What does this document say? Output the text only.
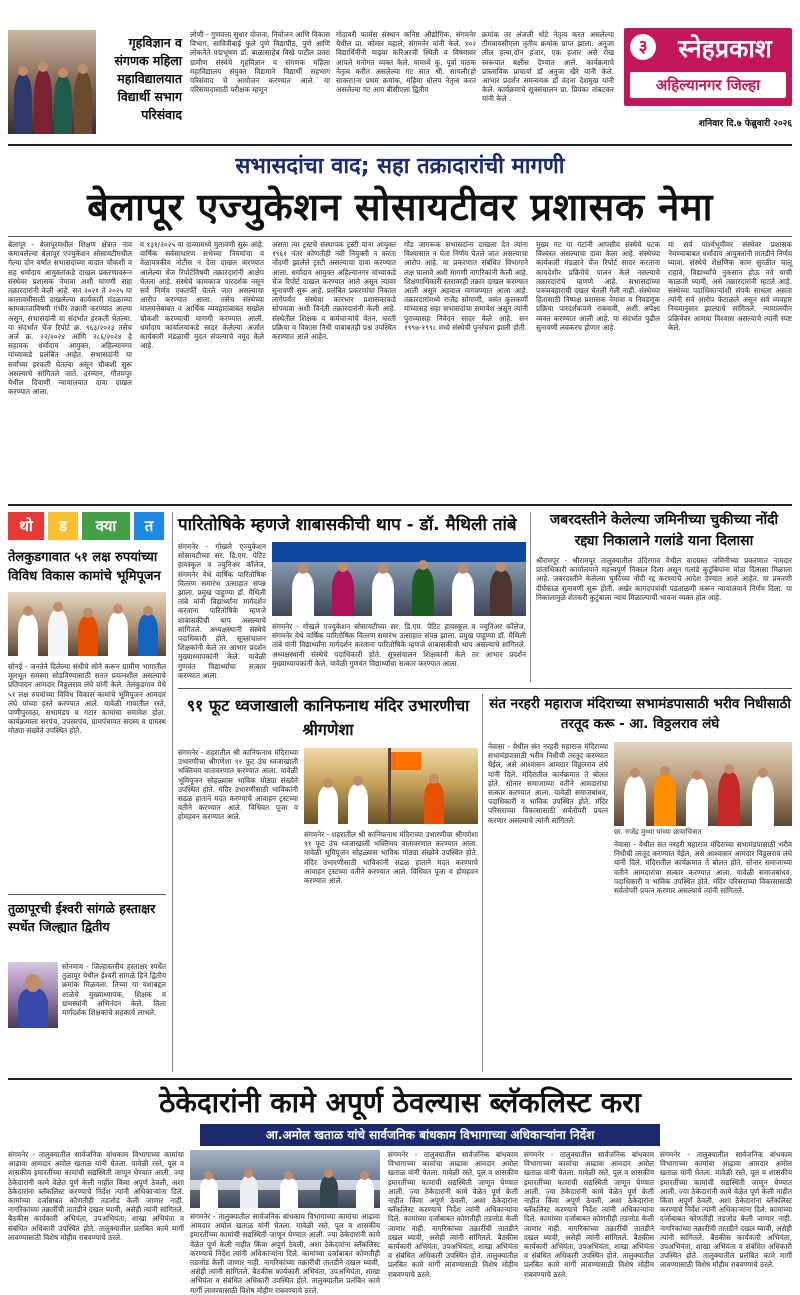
गृहविज्ञान व संगणक महिला महाविद्यालयात विद्यार्थी सभाग परिसंवाद
लोणी - गुणवत्ता सुधार योजना, नियोजन आणि विकास विभाग, सावित्रीबाई फुले पुणे विद्यापीठ, पुणे आणि लोकनेते पद्मभूषण डॉ. बाळासाहेब विखे पाटील प्रवरा ग्रामीण संस्थेचे गृहविज्ञान व संगणक महिला महाविद्यालय संयुक्त विद्यमाने विद्यार्थी सहभाग परिसंवाद चे आयोजन करण्यात आले. या परिसंवादासाठी परीक्षक म्हणून
गोदावरी फार्मस संस्थान कनिष्ठ औद्योगिक, संगमनेर येथील प्रा. कोमल महाले, संगमनेर यांनी केले. १०२ विद्यार्थिनींनी माझ्या करिअरची स्थिती व विषयावर आपले मनोगत व्यक्त केले. यामध्ये कु. पूर्वा पाठक नेतृत्व करीत असलेल्या गट सात श्री. सायली(हो साकरा)ना प्रथम क्रमांक, महिमा घोलप नेतृत्व करत असलेल्या गट आय बीसीएला द्वितीय
क्रमांक तर अंजली थोटे नेतृत्व करत असलेल्या टीमवायसीएला तृतीय क्रमांक प्राप्त झाला. अनुजा लील हत्या,दोन हजार, एक हजार असे रोख स्वरूपात बक्षीस देण्यात आले. कार्यक्रमाचे प्रास्ताविक प्राचार्या डॉ अनुजा खैरे यांनी केले. आभार प्रदर्शन समन्वयक डॉ वंदना देशमुख यांनी केले. कार्यक्रमाचे सूत्रसंचालन प्रा. प्रियंका तांबटकर यांनी केले .
३	स्नेहप्रकाश
अहिल्यानगर जिल्हा
शनिवार दि.७ फेब्रुवारी २०२६
सभासदांचा वाद; सहा तक्रादारांची मागणी
बेलापूर एज्युकेशन सोसायटीवर प्रशासक नेमा
बेलापूर - बेलापूरमधील शिक्षण क्षेत्रात नाव कमावलेल्या बेलापूर एज्युकेशन सोसायटीमधील गेल्या दोन वर्षांत सभासदांच्या वादात चौकशी व सह धर्मादाय आयुक्तांकडे दाखल प्रकरणावरून संस्थेवर प्रशासक नेमावा अशी मागणी सहा तक्रारदारांनी केली आहे. सन २०२१ ते २०२५ या कालावधीसाठी दाखलेल्या कार्यकारी मंडळाच्या कामकाजाविषयी गंभीर तक्रारी करण्यात आल्या असून, सभासदांनी या संदर्भात हरकती घेतल्या. या संदर्भात चेंज रिपोर्ट क्र. ९६३/२०२३ तसेच अर्ज क्र. २२/२०२४ आणि २८६/२०२४ हे सहायक धर्मादाय आयुक्त, अहिल्यानगर यांच्याकडे प्रलंबित आहेत. सभासदांनी या सर्वांच्या हरकती घेतल्या असून चौकशी सुरू असल्याचे सांगितले जाते. दरम्यान, गौतमपूर येथील दिवाणी न्यायालयात दावा दाखल करण्यात आला.
व १३१/२०२५ या दाव्यामध्ये मुतावणी सुरू आहे. वार्षिक सर्वसाधारण सभेच्या नियमांचा व वेळापत्रकीय नोटीस न देता दाखल करण्यात आलेल्या चेंज रिपोर्टविषयी तक्रारदारांनी आक्षेप घेतला आहे. संस्थेचे कामकाज पारदर्शक नसून सर्व निर्णय एकतर्फी घेतले जात असल्याचा आरोप करण्यात आला. तसेच संस्थेच्या मालमत्तेबाबत व आर्थिक व्यवहारांबाबत सखोल चौकशी करण्याची मागणी करण्यात आली. धर्मादाय कार्यालयाकडे सादर केलेल्या अर्जात कार्यकारी मंडळाची मुदत संपल्याचे नमूद केले आहे.
असता त्या ट्रस्टचे संस्थापक ट्रस्टी यांना आयुक्त १९६१ नंतर कोणतीही नवी नियुक्ती न करता नोंदणी झालेले ट्रस्टी असल्याचा दावा करण्यात आला. धर्मादाय आयुक्त अहिल्यानगर यांच्याकडे चेंज रिपोर्ट दाखल करण्यात आले असून त्यावर सुनावणी सुरू आहे. प्रलंबित प्रकरणांचा निकाल लागेपर्यंत संस्थेचा कारभार प्रशासकाकडे सोपवावा अशी विनंती तक्रारदारांनी केली आहे. संस्थेतील शिक्षक व कर्मचाऱ्यांचे वेतन, भरती प्रक्रिया व विकास निधी याबाबतही प्रश्न उपस्थित करण्यात आले आहेत.
गोंड जागरूक सभासदांना दाखला देत त्यांना विश्वासात न घेता निर्णय घेतले जात असल्याचा आरोप आहे. या प्रकरणात संबंधित विभागाने लक्ष घालावे अशी मागणी नागरिकांनी केली आहे. शिक्षणाधिकारी स्तरावरही तक्रार दाखल करण्यात आली असून अहवाल मागवण्यात आला आहे. तक्रारदारांमध्ये राजेंद्र सोमाणी, वसंत कुलकर्णी यांच्यासह सहा सभासदांचा समावेश असून त्यांनी पुराव्यासह निवेदन सादर केले आहे. सन १९९७-१९९८ मध्ये संस्थेची पुनर्रचना झाली होती.
मुख्य गट या गटांनी आपसीय संस्थेचे घटक विश्वस्त असल्याचा दावा केला आहे. संस्थेच्या कार्यकारी मंडळाने चेंज रिपोर्ट सादर करताना कायदेशीर प्रक्रियेचे पालन केले नसल्याचे तक्रारदारांचे म्हणणे आहे. सभासदांच्या पत्रव्यवहाराची दखल घेतली गेली नाही. संस्थेच्या हितासाठी निष्पक्ष प्रशासक नेमावा व निवडणूक प्रक्रिया पारदर्शकपणे राबवावी, अशी अपेक्षा व्यक्त करण्यात आली आहे. या संदर्भात पुढील सुनावणी लवकरच होणार आहे.
या सर्व पार्श्वभूमीवर संस्थेवर प्रशासक नेमण्याबाबत धर्मादाय आयुक्तांनी तातडीने निर्णय घ्यावा. संस्थेचे शैक्षणिक काम सुरळीत चालू राहावे, विद्यार्थ्यांचे नुकसान होऊ नये याची काळजी घ्यावी, असे तक्रारदारांनी म्हटले आहे. संस्थेच्या पदाधिकाऱ्यांशी संपर्क साधला असता त्यांनी सर्व आरोप फेटाळले असून सर्व व्यवहार नियमानुसार झाल्याचे सांगितले. न्यायालयीन प्रक्रियेवर आमचा विश्वास असल्याचे त्यांनी स्पष्ट केले.
थो	ड	क्या	त
तेलकुडगावात ५१ लक्ष रुपयांच्या विविध विकास कामांचे भूमिपूजन
सोनई - जनतेने दिलेल्या संधीचे सोने करून ग्रामीण भागातील मूलभूत समस्या सोडविण्यासाठी सतत प्रयत्नशील असल्याचे प्रतिपादन आमदार विठ्ठलराव लंघे यांनी केले. तेलकुडगाव येथे ५१ लक्ष रुपयांच्या विविध विकास कामांचे भूमिपूजन आमदार लंघे यांच्या हस्ते करण्यात आले. यावेळी गावातील रस्ते, पाणीपुरवठा, सभामंडप व गटार कामांचा समावेश होता. कार्यक्रमाला सरपंच, उपसरपंच, ग्रामपंचायत सदस्य व ग्रामस्थ मोठ्या संख्येने उपस्थित होते.
तुळापूरची ईश्वरी सांगळे हस्ताक्षर स्पर्धेत जिल्ह्यात द्वितीय
सोनमाय - जिल्हास्तरीय हस्ताक्षर स्पर्धेत तुळापूर येथील ईश्वरी सांगळे हिने द्वितीय क्रमांक मिळवला. तिच्या या यशाबद्दल शाळेचे मुख्याध्यापक, शिक्षक व ग्रामस्थांनी अभिनंदन केले. तिला मार्गदर्शक शिक्षकांचे सहकार्य लाभले.
पारितोषिके म्हणजे शाबासकीची थाप - डॉ. मैथिली तांबे
संगमनेर - गोखले एज्युकेशन सोसायटीच्या सर. डि.एम. पेटिट हायस्कूल व ज्युनिअर कॉलेज, संगमनेर येथे वार्षिक पारितोषिक वितरण समारंभ उत्साहात संपन्न झाला. प्रमुख पाहुण्या डॉ. मैथिली तांबे यांनी विद्यार्थ्यांना मार्गदर्शन करताना पारितोषिके म्हणजे शाबासकीची थाप असल्याचे सांगितले. अध्यक्षस्थानी संस्थेचे पदाधिकारी होते. सूत्रसंचालन शिक्षकांनी केले तर आभार प्रदर्शन मुख्याध्यापकांनी केले. यावेळी गुणवंत विद्यार्थ्यांचा सत्कार करण्यात आला.
संगमनेर - गोखले एज्युकेशन सोसायटीच्या सर. डि.एम. पेटिट हायस्कूल व ज्युनिअर कॉलेज, संगमनेर येथे वार्षिक पारितोषिक वितरण समारंभ उत्साहात संपन्न झाला. प्रमुख पाहुण्या डॉ. मैथिली तांबे यांनी विद्यार्थ्यांना मार्गदर्शन करताना पारितोषिके म्हणजे शाबासकीची थाप असल्याचे सांगितले. अध्यक्षस्थानी संस्थेचे पदाधिकारी होते. सूत्रसंचालन शिक्षकांनी केले तर आभार प्रदर्शन मुख्याध्यापकांनी केले. यावेळी गुणवंत विद्यार्थ्यांचा सत्कार करण्यात आला.
जबरदस्तीने केलेल्या जमिनीच्या चुकीच्या नोंदी रद्द्या निकालाने गलांडे याना दिलासा
श्रीरामपूर - श्रीरामपूर तालुक्यातील उंदिरगाव येथील वादग्रस्त जमिनीच्या प्रकरणात नामदार प्रांताधिकारी कार्यालयाने महत्त्वपूर्ण निकाल दिला असून गलांडे कुटुंबियांना मोठा दिलासा मिळाला आहे. जबरदस्तीने केलेल्या चुकीच्या नोंदी रद्द करण्याचे आदेश देण्यात आले आहेत. या प्रकरणी दीर्घकाळ सुनावणी सुरू होती. अखेर कागदपत्रांची पडताळणी करून न्यायालयाने निर्णय दिला. या निकालामुळे शेतकरी कुटुंबाला न्याय मिळाल्याची भावना व्यक्त होत आहे.
९१ फूट ध्वजाखाली कानिफनाथ मंदिर उभारणीचा श्रीगणेशा
संगमनेर - शहरातील श्री कानिफनाथ मंदिराच्या उभारणीचा श्रीगणेशा ९१ फूट उंच ध्वजाखाली भक्तिमय वातावरणात करण्यात आला. यावेळी भूमिपूजन सोहळ्यास भाविक मोठ्या संख्येने उपस्थित होते. मंदिर उभारणीसाठी भाविकांनी सढळ हाताने मदत करण्याचे आवाहन ट्रस्टच्या वतीने करण्यात आले. विधिवत पूजा व होमहवन करण्यात आले.
संगमनेर - शहरातील श्री कानिफनाथ मंदिराच्या उभारणीचा श्रीगणेशा ९१ फूट उंच ध्वजाखाली भक्तिमय वातावरणात करण्यात आला. यावेळी भूमिपूजन सोहळ्यास भाविक मोठ्या संख्येने उपस्थित होते. मंदिर उभारणीसाठी भाविकांनी सढळ हाताने मदत करण्याचे आवाहन ट्रस्टच्या वतीने करण्यात आले. विधिवत पूजा व होमहवन करण्यात आले.
संत नरहरी महाराज मंदिराच्या सभामंडपासाठी भरीव निधीसाठी तरतूद करू - आ. विठ्ठलराव लंघे
नेवासा - येथील संत नरहरी महाराज मंदिराच्या सभामंडपासाठी भरीव निधीची तरतूद करण्यात येईल, असे आश्वासन आमदार विठ्ठलराव लंघे यांनी दिले. मंदिरातील कार्यक्रमात ते बोलत होते. सोनार समाजाच्या वतीने आमदारांचा सत्कार करण्यात आला. यावेळी समाजबांधव, पदाधिकारी व भाविक उपस्थित होते. मंदिर परिसराच्या विकासासाठी सर्वतोपरी प्रयत्न करणार असल्याचे त्यांनी सांगितले.
छा. राजेंद्र मुथ्था यांच्या छायाचित्रात
नेवासा - येथील संत नरहरी महाराज मंदिराच्या सभामंडपासाठी भरीव निधीची तरतूद करण्यात येईल, असे आश्वासन आमदार विठ्ठलराव लंघे यांनी दिले. मंदिरातील कार्यक्रमात ते बोलत होते. सोनार समाजाच्या वतीने आमदारांचा सत्कार करण्यात आला. यावेळी समाजबांधव, पदाधिकारी व भाविक उपस्थित होते. मंदिर परिसराच्या विकासासाठी सर्वतोपरी प्रयत्न करणार असल्याचे त्यांनी सांगितले.
ठेकेदारांनी कामे अपूर्ण ठेवल्यास ब्लॅकलिस्ट करा
आ.अमोल खताळ यांचे सार्वजनिक बांधकाम विभागाच्या अधिकाऱ्यांना निर्देश
संगमनेर - तालुक्यातील सार्वजनिक बांधकाम विभागाच्या कामांचा आढावा आमदार अमोल खताळ यांनी घेतला. यावेळी रस्ते, पूल व शासकीय इमारतींच्या कामांची सद्यस्थिती जाणून घेण्यात आली. ज्या ठेकेदारांनी कामे वेळेत पूर्ण केली नाहीत किंवा अपूर्ण ठेवली, अशा ठेकेदारांना ब्लॅकलिस्ट करण्याचे निर्देश त्यांनी अधिकाऱ्यांना दिले. कामांच्या दर्जाबाबत कोणतीही तडजोड केली जाणार नाही. नागरिकांच्या तक्रारींची तातडीने दखल घ्यावी, असेही त्यांनी सांगितले. बैठकीस कार्यकारी अभियंता, उपअभियंता, शाखा अभियंता व संबंधित अधिकारी उपस्थित होते. तालुक्यातील प्रलंबित कामे मार्गी लावण्यासाठी विशेष मोहीम राबवण्याचे ठरले.
संगमनेर - तालुक्यातील सार्वजनिक बांधकाम विभागाच्या कामांचा आढावा आमदार अमोल खताळ यांनी घेतला. यावेळी रस्ते, पूल व शासकीय इमारतींच्या कामांची सद्यस्थिती जाणून घेण्यात आली. ज्या ठेकेदारांनी कामे वेळेत पूर्ण केली नाहीत किंवा अपूर्ण ठेवली, अशा ठेकेदारांना ब्लॅकलिस्ट करण्याचे निर्देश त्यांनी अधिकाऱ्यांना दिले. कामांच्या दर्जाबाबत कोणतीही तडजोड केली जाणार नाही. नागरिकांच्या तक्रारींची तातडीने दखल घ्यावी, असेही त्यांनी सांगितले. बैठकीस कार्यकारी अभियंता, उपअभियंता, शाखा अभियंता व संबंधित अधिकारी उपस्थित होते. तालुक्यातील प्रलंबित कामे मार्गी लावण्यासाठी विशेष मोहीम राबवण्याचे ठरले.
संगमनेर - तालुक्यातील सार्वजनिक बांधकाम विभागाच्या कामांचा आढावा आमदार अमोल खताळ यांनी घेतला. यावेळी रस्ते, पूल व शासकीय इमारतींच्या कामांची सद्यस्थिती जाणून घेण्यात आली. ज्या ठेकेदारांनी कामे वेळेत पूर्ण केली नाहीत किंवा अपूर्ण ठेवली, अशा ठेकेदारांना ब्लॅकलिस्ट करण्याचे निर्देश त्यांनी अधिकाऱ्यांना दिले. कामांच्या दर्जाबाबत कोणतीही तडजोड केली जाणार नाही. नागरिकांच्या तक्रारींची तातडीने दखल घ्यावी, असेही त्यांनी सांगितले. बैठकीस कार्यकारी अभियंता, उपअभियंता, शाखा अभियंता व संबंधित अधिकारी उपस्थित होते. तालुक्यातील प्रलंबित कामे मार्गी लावण्यासाठी विशेष मोहीम राबवण्याचे ठरले.
संगमनेर - तालुक्यातील सार्वजनिक बांधकाम विभागाच्या कामांचा आढावा आमदार अमोल खताळ यांनी घेतला. यावेळी रस्ते, पूल व शासकीय इमारतींच्या कामांची सद्यस्थिती जाणून घेण्यात आली. ज्या ठेकेदारांनी कामे वेळेत पूर्ण केली नाहीत किंवा अपूर्ण ठेवली, अशा ठेकेदारांना ब्लॅकलिस्ट करण्याचे निर्देश त्यांनी अधिकाऱ्यांना दिले. कामांच्या दर्जाबाबत कोणतीही तडजोड केली जाणार नाही. नागरिकांच्या तक्रारींची तातडीने दखल घ्यावी, असेही त्यांनी सांगितले. बैठकीस कार्यकारी अभियंता, उपअभियंता, शाखा अभियंता व संबंधित अधिकारी उपस्थित होते. तालुक्यातील प्रलंबित कामे मार्गी लावण्यासाठी विशेष मोहीम राबवण्याचे ठरले.
संगमनेर - तालुक्यातील सार्वजनिक बांधकाम विभागाच्या कामांचा आढावा आमदार अमोल खताळ यांनी घेतला. यावेळी रस्ते, पूल व शासकीय इमारतींच्या कामांची सद्यस्थिती जाणून घेण्यात आली. ज्या ठेकेदारांनी कामे वेळेत पूर्ण केली नाहीत किंवा अपूर्ण ठेवली, अशा ठेकेदारांना ब्लॅकलिस्ट करण्याचे निर्देश त्यांनी अधिकाऱ्यांना दिले. कामांच्या दर्जाबाबत कोणतीही तडजोड केली जाणार नाही. नागरिकांच्या तक्रारींची तातडीने दखल घ्यावी, असेही त्यांनी सांगितले. बैठकीस कार्यकारी अभियंता, उपअभियंता, शाखा अभियंता व संबंधित अधिकारी उपस्थित होते. तालुक्यातील प्रलंबित कामे मार्गी लावण्यासाठी विशेष मोहीम राबवण्याचे ठरले.
